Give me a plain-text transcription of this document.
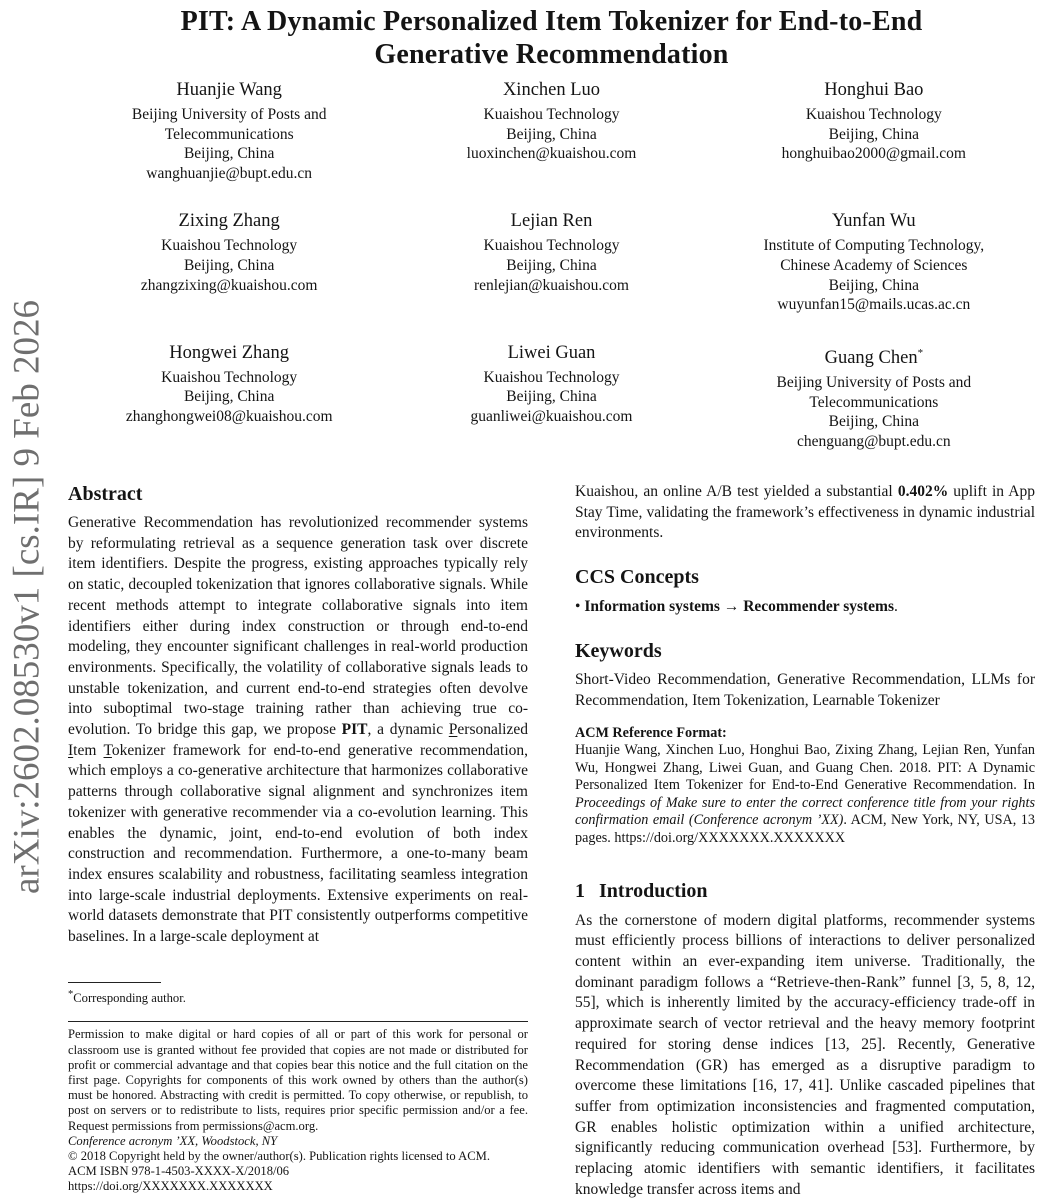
arXiv:2602.08530v1 [cs.IR] 9 Feb 2026
PIT: A Dynamic Personalized Item Tokenizer for End-to-End
Generative Recommendation
Huanjie Wang
Beijing University of Posts and
Telecommunications
Beijing, China
wanghuanjie@bupt.edu.cn
Xinchen Luo
Kuaishou Technology
Beijing, China
luoxinchen@kuaishou.com
Honghui Bao
Kuaishou Technology
Beijing, China
honghuibao2000@gmail.com
Zixing Zhang
Kuaishou Technology
Beijing, China
zhangzixing@kuaishou.com
Lejian Ren
Kuaishou Technology
Beijing, China
renlejian@kuaishou.com
Yunfan Wu
Institute of Computing Technology,
Chinese Academy of Sciences
Beijing, China
wuyunfan15@mails.ucas.ac.cn
Hongwei Zhang
Kuaishou Technology
Beijing, China
zhanghongwei08@kuaishou.com
Liwei Guan
Kuaishou Technology
Beijing, China
guanliwei@kuaishou.com
Guang Chen*
Beijing University of Posts and
Telecommunications
Beijing, China
chenguang@bupt.edu.cn
Abstract

Generative Recommendation has revolutionized recommender systems by reformulating retrieval as a sequence generation task over discrete item identifiers. Despite the progress, existing approaches typically rely on static, decoupled tokenization that ignores collaborative signals. While recent methods attempt to integrate collaborative signals into item identifiers either during index construction or through end-to-end modeling, they encounter significant challenges in real-world production environments. Specifically, the volatility of collaborative signals leads to unstable tokenization, and current end-to-end strategies often devolve into suboptimal two-stage training rather than achieving true co-evolution. To bridge this gap, we propose PIT, a dynamic Personalized Item Tokenizer framework for end-to-end generative recommendation, which employs a co-generative architecture that harmonizes collaborative patterns through collaborative signal alignment and synchronizes item tokenizer with generative recommender via a co-evolution learning. This enables the dynamic, joint, end-to-end evolution of both index construction and recommendation. Furthermore, a one-to-many beam index ensures scalability and robustness, facilitating seamless integration into large-scale industrial deployments. Extensive experiments on real-world datasets demonstrate that PIT consistently outperforms competitive baselines. In a large-scale deployment at

*Corresponding author.
Permission to make digital or hard copies of all or part of this work for personal or classroom use is granted without fee provided that copies are not made or distributed for profit or commercial advantage and that copies bear this notice and the full citation on the first page. Copyrights for components of this work owned by others than the author(s) must be honored. Abstracting with credit is permitted. To copy otherwise, or republish, to post on servers or to redistribute to lists, requires prior specific permission and/or a fee. Request permissions from permissions@acm.org.
Conference acronym ’XX, Woodstock, NY
© 2018 Copyright held by the owner/author(s). Publication rights licensed to ACM.
ACM ISBN 978-1-4503-XXXX-X/2018/06
https://doi.org/XXXXXXX.XXXXXXX

Kuaishou, an online A/B test yielded a substantial 0.402% uplift in App Stay Time, validating the framework’s effectiveness in dynamic industrial environments.

CCS Concepts
• Information systems → Recommender systems.
Keywords

Short-Video Recommendation, Generative Recommendation, LLMs for Recommendation, Item Tokenization, Learnable Tokenizer

ACM Reference Format:
Huanjie Wang, Xinchen Luo, Honghui Bao, Zixing Zhang, Lejian Ren, Yunfan Wu, Hongwei Zhang, Liwei Guan, and Guang Chen. 2018. PIT: A Dynamic Personalized Item Tokenizer for End-to-End Generative Recommendation. In Proceedings of Make sure to enter the correct conference title from your rights confirmation email (Conference acronym ’XX). ACM, New York, NY, USA, 13 pages. https://doi.org/XXXXXXX.XXXXXXX
1 Introduction

As the cornerstone of modern digital platforms, recommender systems must efficiently process billions of interactions to deliver personalized content within an ever-expanding item universe. Traditionally, the dominant paradigm follows a “Retrieve-then-Rank” funnel [3, 5, 8, 12, 55], which is inherently limited by the accuracy-efficiency trade-off in approximate search of vector retrieval and the heavy memory footprint required for storing dense indices [13, 25]. Recently, Generative Recommendation (GR) has emerged as a disruptive paradigm to overcome these limitations [16, 17, 41]. Unlike cascaded pipelines that suffer from optimization inconsistencies and fragmented computation, GR enables holistic optimization within a unified architecture, significantly reducing communication overhead [53]. Furthermore, by replacing atomic identifiers with semantic identifiers, it facilitates knowledge transfer across items and
